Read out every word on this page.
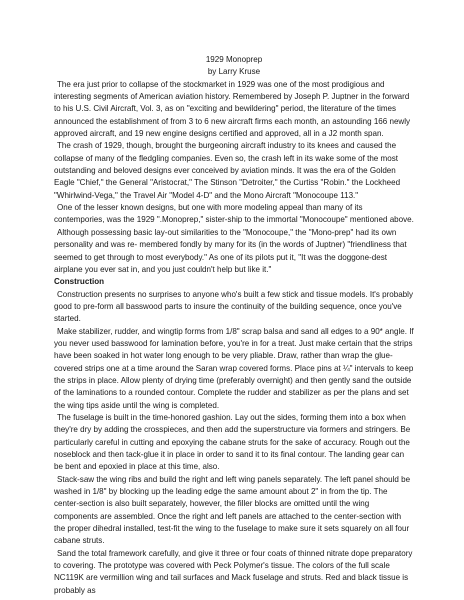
1929 Monoprep

by Larry Kruse

The era just prior to collapse of the stockmarket in 1929 was one of the most prodigious and interesting segments of American aviation history. Remembered by Joseph P. Juptner in the forward to his U.S. Civil Aircraft, Vol. 3, as on "exciting and bewildering" period, the literature of the times announced the establishment of from 3 to 6 new aircraft firms each month, an astounding 166 newly approved aircraft, and 19 new engine designs certified and approved, all in a J2 month span.

The crash of 1929, though, brought the burgeoning aircraft industry to its knees and caused the collapse of many of the fledgling companies. Even so, the crash left in its wake some of the most outstanding and beloved designs ever conceived by aviation minds. It was the era of the Golden Eagle "Chief," the General "Aristocrat," The Stinson "Detroiter," the Curtiss "Robin." the Lockheed "Whirlwind-Vega," the Travel Air "Model 4-D" and the Mono Aircraft "Monocoupe 113."

One of the lesser known designs, but one with more modeling appeal than many of its contempories, was the 1929 ".Monoprep," sister-ship to the immortal "Monocoupe" mentioned above.

Although possessing basic lay-out similarities to the "Monocoupe," the "Mono-prep" had its own personality and was re- membered fondly by many for its (in the words of Juptner) "friendliness that seemed to get through to most everybody." As one of its pilots put it, "It was the doggone-dest airplane you ever sat in, and you just couldn't help but like it."

Construction

Construction presents no surprises to anyone who's built a few stick and tissue models. It's probably good to pre-form all basswood parts to insure the continuity of the building sequence, once you've started.

Make stabilizer, rudder, and wingtip forms from 1/8" scrap balsa and sand all edges to a 90* angle. If you never used basswood for lamination before, you're in for a treat. Just make certain that the strips have been soaked in hot water long enough to be very pliable. Draw, rather than wrap the glue-covered strips one at a time around the Saran wrap covered forms. Place pins at ¼" intervals to keep the strips in place. Allow plenty of drying time (preferably overnight) and then gently sand the outside of the laminations to a rounded contour. Complete the rudder and stabilizer as per the plans and set the wing tips aside until the wing is completed.

The fuselage is built in the time-honored gashion. Lay out the sides, forming them into a box when they're dry by adding the crosspieces, and then add the superstructure via formers and stringers. Be particularly careful in cutting and epoxying the cabane struts for the sake of accuracy. Rough out the noseblock and then tack-glue it in place in order to sand it to its final contour. The landing gear can be bent and epoxied in place at this time, also.

Stack-saw the wing ribs and build the right and left wing panels separately. The left panel should be washed in 1/8" by blocking up the leading edge the same amount about 2" in from the tip. The center-section is also built separately, however, the filler blocks are omitted until the wing components are assembled. Once the right and left panels are attached to the center-section with the proper dihedral installed, test-fit the wing to the fuselage to make sure it sets squarely on all four cabane struts.

Sand the total framework carefully, and give it three or four coats of thinned nitrate dope preparatory to covering. The prototype was covered with Peck Polymer's tissue. The colors of the full scale NC119K are vermillion wing and tail surfaces and Mack fuselage and struts. Red and black tissue is probably as
